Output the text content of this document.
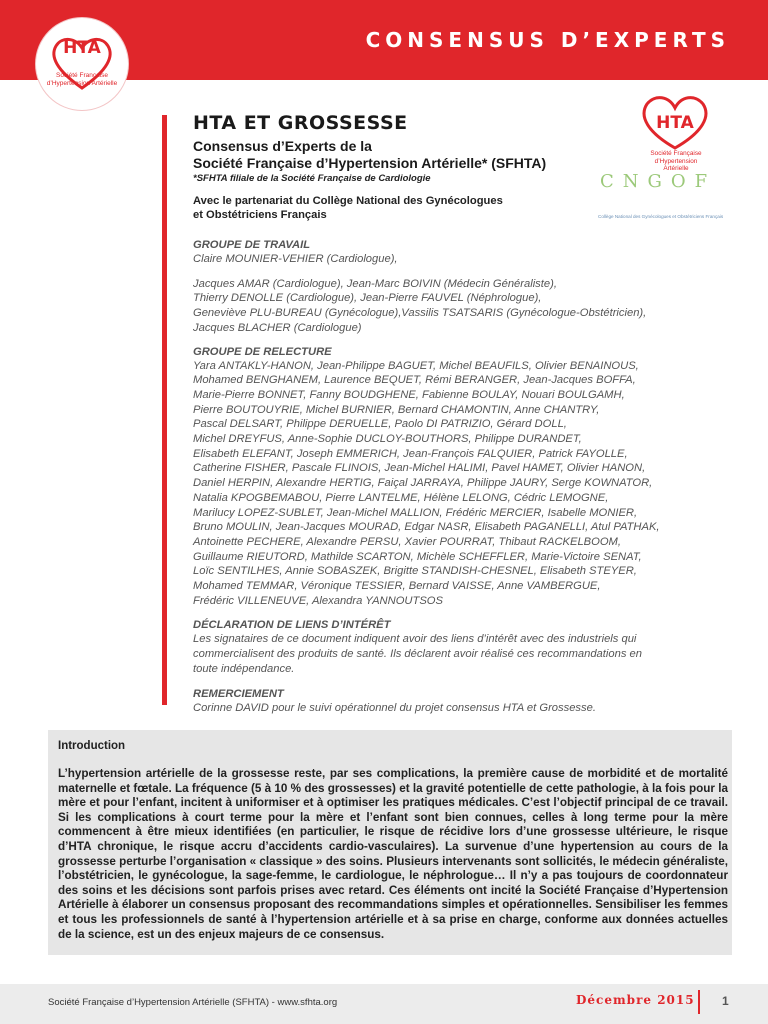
CONSENSUS D’EXPERTS
HTA
Société Française d’Hypertension Artérielle
HTA
Société Française d’Hypertension Artérielle
CNGOF
Collège National des Gynécologues et Obstétriciens Français
HTA ET GROSSESSE
Consensus d’Experts de la
Société Française d’Hypertension Artérielle* (SFHTA)
*SFHTA filiale de la Société Française de Cardiologie
Avec le partenariat du Collège National des Gynécologues
et Obstétriciens Français
GROUPE DE TRAVAIL
Claire MOUNIER-VEHIER (Cardiologue),
Jacques AMAR (Cardiologue), Jean-Marc BOIVIN (Médecin Généraliste),
Thierry DENOLLE (Cardiologue), Jean-Pierre FAUVEL (Néphrologue),
Geneviève PLU-BUREAU (Gynécologue),Vassilis TSATSARIS (Gynécologue-Obstétricien),
Jacques BLACHER (Cardiologue)
GROUPE DE RELECTURE
Yara ANTAKLY-HANON, Jean-Philippe BAGUET, Michel BEAUFILS, Olivier BENAINOUS,
Mohamed BENGHANEM, Laurence BEQUET, Rémi BERANGER, Jean-Jacques BOFFA,
Marie-Pierre BONNET, Fanny BOUDGHENE, Fabienne BOULAY, Nouari BOULGAMH,
Pierre BOUTOUYRIE, Michel BURNIER, Bernard CHAMONTIN, Anne CHANTRY,
Pascal DELSART, Philippe DERUELLE, Paolo DI PATRIZIO, Gérard DOLL,
Michel DREYFUS, Anne-Sophie DUCLOY-BOUTHORS, Philippe DURANDET,
Elisabeth ELEFANT, Joseph EMMERICH, Jean-François FALQUIER, Patrick FAYOLLE,
Catherine FISHER, Pascale FLINOIS, Jean-Michel HALIMI, Pavel HAMET, Olivier HANON,
Daniel HERPIN, Alexandre HERTIG, Faiçal JARRAYA, Philippe JAURY, Serge KOWNATOR,
Natalia KPOGBEMABOU, Pierre LANTELME, Hélène LELONG, Cédric LEMOGNE,
Marilucy LOPEZ-SUBLET, Jean-Michel MALLION, Frédéric MERCIER, Isabelle MONIER,
Bruno MOULIN, Jean-Jacques MOURAD, Edgar NASR, Elisabeth PAGANELLI, Atul PATHAK,
Antoinette PECHERE, Alexandre PERSU, Xavier POURRAT, Thibaut RACKELBOOM,
Guillaume RIEUTORD, Mathilde SCARTON, Michèle SCHEFFLER, Marie-Victoire SENAT,
Loïc SENTILHES, Annie SOBASZEK, Brigitte STANDISH-CHESNEL, Elisabeth STEYER,
Mohamed TEMMAR, Véronique TESSIER, Bernard VAISSE, Anne VAMBERGUE,
Frédéric VILLENEUVE, Alexandra YANNOUTSOS
DÉCLARATION DE LIENS D’INTÉRÊT
Les signataires de ce document indiquent avoir des liens d’intérêt avec des industriels qui
commercialisent des produits de santé. Ils déclarent avoir réalisé ces recommandations en
toute indépendance.
REMERCIEMENT
Corinne DAVID pour le suivi opérationnel du projet consensus HTA et Grossesse.
Introduction
L’hypertension artérielle de la grossesse reste, par ses complications, la première cause de morbidité et de mortalité maternelle et fœtale. La fréquence (5 à 10 % des grossesses) et la gravité potentielle de cette pathologie, à la fois pour la mère et pour l’enfant, incitent à uniformiser et à optimiser les pratiques médicales. C’est l’objectif principal de ce travail. Si les complications à court terme pour la mère et l’enfant sont bien connues, celles à long terme pour la mère commencent à être mieux identifiées (en particulier, le risque de récidive lors d’une grossesse ultérieure, le risque d’HTA chronique, le risque accru d’accidents cardio-vasculaires). La survenue d’une hypertension au cours de la grossesse perturbe l’organisation « classique » des soins. Plusieurs intervenants sont sollicités, le médecin généraliste, l’obstétricien, le gynécologue, la sage-femme, le cardiologue, le néphrologue… Il n’y a pas toujours de coordonnateur des soins et les décisions sont parfois prises avec retard. Ces éléments ont incité la Société Française d’Hypertension Artérielle à élaborer un consensus proposant des recommandations simples et opérationnelles. Sensibiliser les femmes et tous les professionnels de santé à l’hypertension artérielle et à sa prise en charge, conforme aux données actuelles de la science, est un des enjeux majeurs de ce consensus.
Société Française d’Hypertension Artérielle (SFHTA) - www.sfhta.org	Décembre 2015 1
